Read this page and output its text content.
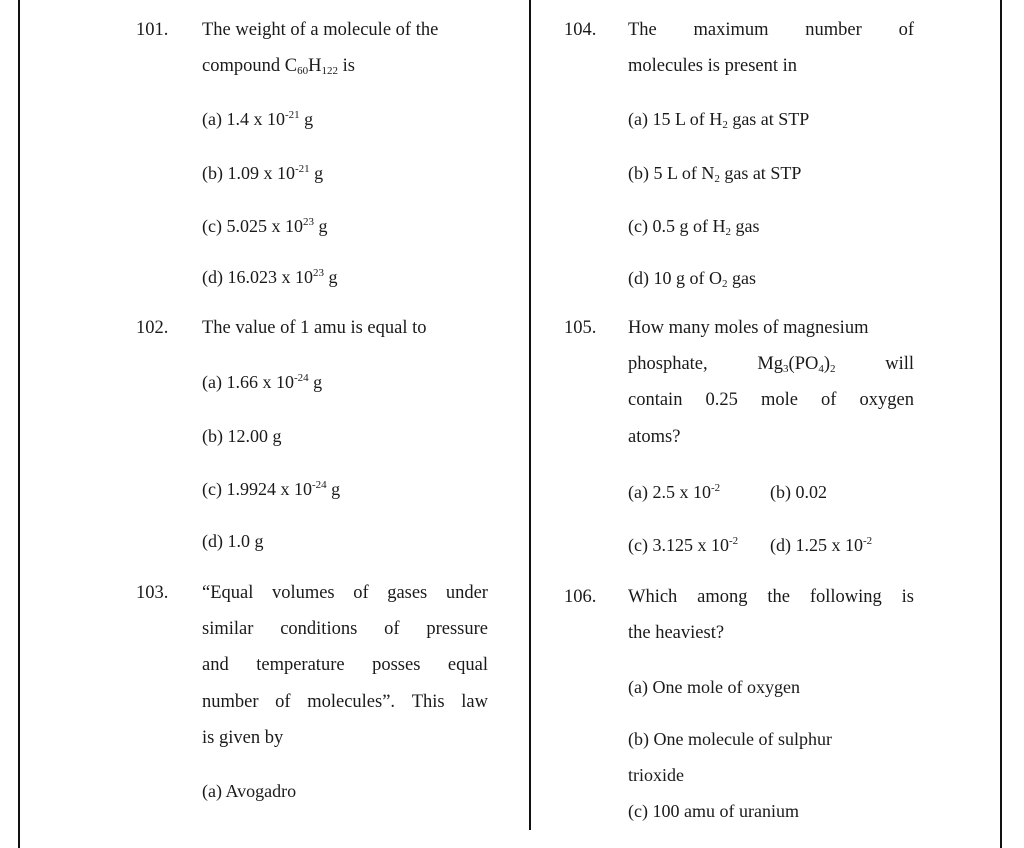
101. The weight of a molecule of the
compound $C_{60}H_{122}$ is
(a) 1.4 x $10^{-21}$ g
(b) 1.09 x $10^{-21}$ g
(c) 5.025 x $10^{23}$ g
(d) 16.023 x $10^{23}$ g
102. The value of 1 amu is equal to
(a) 1.66 x $10^{-24}$ g
(b) 12.00 g
(c) 1.9924 x $10^{-24}$ g
(d) 1.0 g
103. “Equal volumes of gases under
similar conditions of pressure
and temperature posses equal
number of molecules”. This law
is given by
(a) Avogadro
104. The maximum number of
molecules is present in
(a) 15 L of $H_2$ gas at STP
(b) 5 L of $N_2$ gas at STP
(c) 0.5 g of $H_2$ gas
(d) 10 g of $O_2$ gas
105. How many moles of magnesium
phosphate,	$Mg_3(PO_4)_2$	will
contain 0.25 mole of oxygen
atoms?
(a) 2.5 x $10^{-2}$	(b) 0.02
(c) 3.125 x $10^{-2}$ (d) 1.25 x $10^{-2}$
106. Which among the following is
the heaviest?
(a) One mole of oxygen
(b) One molecule of sulphur
trioxide
(c) 100 amu of uranium
